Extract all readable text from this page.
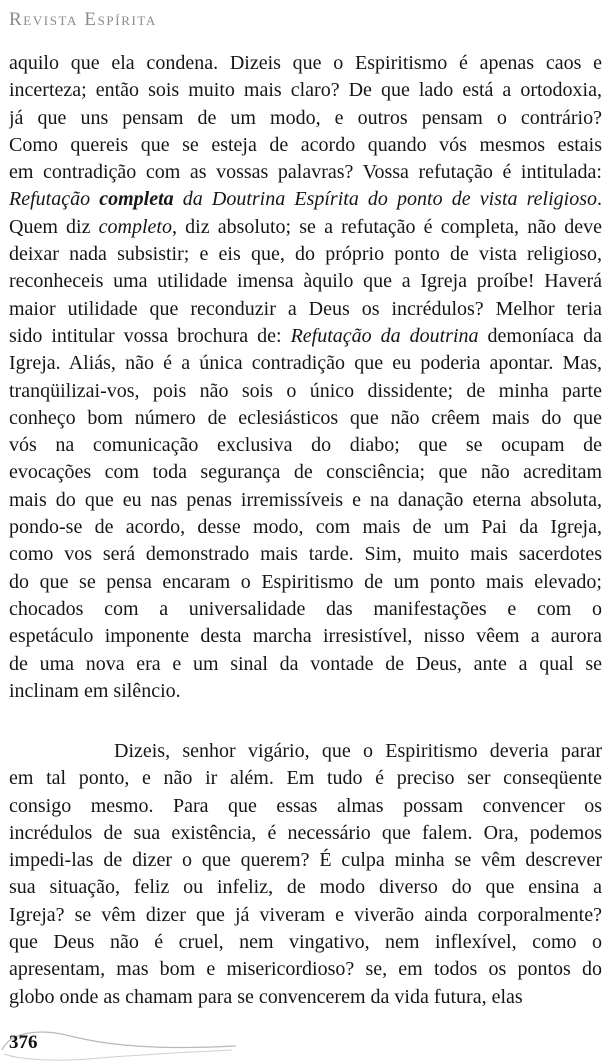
Revista Espírita
aquilo que ela condena. Dizeis que o Espiritismo é apenas caos e
incerteza; então sois muito mais claro? De que lado está a ortodoxia,
já que uns pensam de um modo, e outros pensam o contrário?
Como quereis que se esteja de acordo quando vós mesmos estais
em contradição com as vossas palavras? Vossa refutação é intitulada:
Refutação completa da Doutrina Espírita do ponto de vista religioso.
Quem diz completo, diz absoluto; se a refutação é completa, não deve
deixar nada subsistir; e eis que, do próprio ponto de vista religioso,
reconheceis uma utilidade imensa àquilo que a Igreja proíbe! Haverá
maior utilidade que reconduzir a Deus os incrédulos? Melhor teria
sido intitular vossa brochura de: Refutação da doutrina demoníaca da
Igreja. Aliás, não é a única contradição que eu poderia apontar. Mas,
tranqüilizai-vos, pois não sois o único dissidente; de minha parte
conheço bom número de eclesiásticos que não crêem mais do que
vós na comunicação exclusiva do diabo; que se ocupam de
evocações com toda segurança de consciência; que não acreditam
mais do que eu nas penas irremissíveis e na danação eterna absoluta,
pondo-se de acordo, desse modo, com mais de um Pai da Igreja,
como vos será demonstrado mais tarde. Sim, muito mais sacerdotes
do que se pensa encaram o Espiritismo de um ponto mais elevado;
chocados com a universalidade das manifestações e com o
espetáculo imponente desta marcha irresistível, nisso vêem a aurora
de uma nova era e um sinal da vontade de Deus, ante a qual se
inclinam em silêncio.
Dizeis, senhor vigário, que o Espiritismo deveria parar
em tal ponto, e não ir além. Em tudo é preciso ser conseqüente
consigo mesmo. Para que essas almas possam convencer os
incrédulos de sua existência, é necessário que falem. Ora, podemos
impedi-las de dizer o que querem? É culpa minha se vêm descrever
sua situação, feliz ou infeliz, de modo diverso do que ensina a
Igreja? se vêm dizer que já viveram e viverão ainda corporalmente?
que Deus não é cruel, nem vingativo, nem inflexível, como o
apresentam, mas bom e misericordioso? se, em todos os pontos do
globo onde as chamam para se convencerem da vida futura, elas
376
